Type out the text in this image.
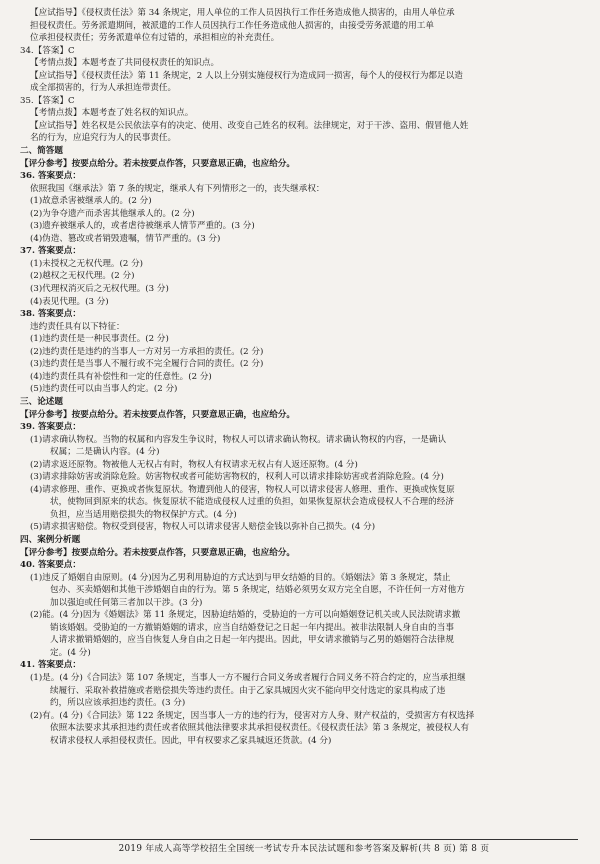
【应试指导】《侵权责任法》第 34 条规定，用人单位的工作人员因执行工作任务造成他人损害的，由用人单位承
担侵权责任。劳务派遣期间，被派遣的工作人员因执行工作任务造成他人损害的，由接受劳务派遣的用工单
位承担侵权责任；劳务派遣单位有过错的，承担相应的补充责任。
34.【答案】C
【考情点拨】本题考查了共同侵权责任的知识点。
【应试指导】《侵权责任法》第 11 条规定，2 人以上分别实施侵权行为造成同一损害，每个人的侵权行为都足以造
成全部损害的，行为人承担连带责任。
35.【答案】C
【考情点拨】本题考查了姓名权的知识点。
【应试指导】姓名权是公民依法享有的决定、使用、改变自己姓名的权利。法律规定，对于干涉、盗用、假冒他人姓
名的行为，应追究行为人的民事责任。
二、简答题
【评分参考】按要点给分。若未按要点作答，只要意思正确，也应给分。
36. 答案要点：
依照我国《继承法》第 7 条的规定，继承人有下列情形之一的，丧失继承权：
(1)故意杀害被继承人的。(2 分)
(2)为争夺遗产而杀害其他继承人的。(2 分)
(3)遗弃被继承人的，或者虐待被继承人情节严重的。(3 分)
(4)伪造、篡改或者销毁遗嘱，情节严重的。(3 分)
37. 答案要点：
(1)未授权之无权代理。(2 分)
(2)越权之无权代理。(2 分)
(3)代理权消灭后之无权代理。(3 分)
(4)表见代理。(3 分)
38. 答案要点：
违约责任具有以下特征：
(1)违约责任是一种民事责任。(2 分)
(2)违约责任是违约的当事人一方对另一方承担的责任。(2 分)
(3)违约责任是当事人不履行或不完全履行合同的责任。(2 分)
(4)违约责任具有补偿性和一定的任意性。(2 分)
(5)违约责任可以由当事人约定。(2 分)
三、论述题
【评分参考】按要点给分。若未按要点作答，只要意思正确，也应给分。
39. 答案要点：
(1)请求确认物权。当物的权属和内容发生争议时，物权人可以请求确认物权。请求确认物权的内容，一是确认
权属；二是确认内容。(4 分)
(2)请求返还原物。物被他人无权占有时，物权人有权请求无权占有人返还原物。(4 分)
(3)请求排除妨害或消除危险。妨害物权或者可能妨害物权的，权利人可以请求排除妨害或者消除危险。(4 分)
(4)请求修理、重作、更换或者恢复原状。物遭到他人的侵害，物权人可以请求侵害人修理、重作、更换或恢复原
状，使物回到原来的状态。恢复原状不能造成侵权人过重的负担，如果恢复原状会造成侵权人不合理的经济
负担，应当适用赔偿损失的物权保护方式。(4 分)
(5)请求损害赔偿。物权受到侵害，物权人可以请求侵害人赔偿金钱以弥补自己损失。(4 分)
四、案例分析题
【评分参考】按要点给分。若未按要点作答，只要意思正确，也应给分。
40. 答案要点：
(1)违反了婚姻自由原则。(4 分)因为乙男利用胁迫的方式达到与甲女结婚的目的。《婚姻法》第 3 条规定，禁止
包办、买卖婚姻和其他干涉婚姻自由的行为。第 5 条规定，结婚必须男女双方完全自愿，不许任何一方对他方
加以强迫或任何第三者加以干涉。(3 分)
(2)能。(4 分)因为《婚姻法》第 11 条规定，因胁迫结婚的，受胁迫的一方可以向婚姻登记机关或人民法院请求撤
销该婚姻。受胁迫的一方撤销婚姻的请求，应当自结婚登记之日起一年内提出。被非法限制人身自由的当事
人请求撤销婚姻的，应当自恢复人身自由之日起一年内提出。因此，甲女请求撤销与乙男的婚姻符合法律规
定。(4 分)
41. 答案要点：
(1)是。(4 分)《合同法》第 107 条规定，当事人一方不履行合同义务或者履行合同义务不符合约定的，应当承担继
续履行、采取补救措施或者赔偿损失等违约责任。由于乙家具城因火灾不能向甲交付选定的家具构成了违
约，所以应该承担违约责任。(3 分)
(2)有。(4 分)《合同法》第 122 条规定，因当事人一方的违约行为，侵害对方人身、财产权益的，受损害方有权选择
依照本法要求其承担违约责任或者依照其他法律要求其承担侵权责任。《侵权责任法》第 3 条规定，被侵权人有
权请求侵权人承担侵权责任。因此，甲有权要求乙家具城返还货款。(4 分)
2019 年成人高等学校招生全国统一考试专升本民法试题和参考答案及解析(共 8 页) 第 8 页
